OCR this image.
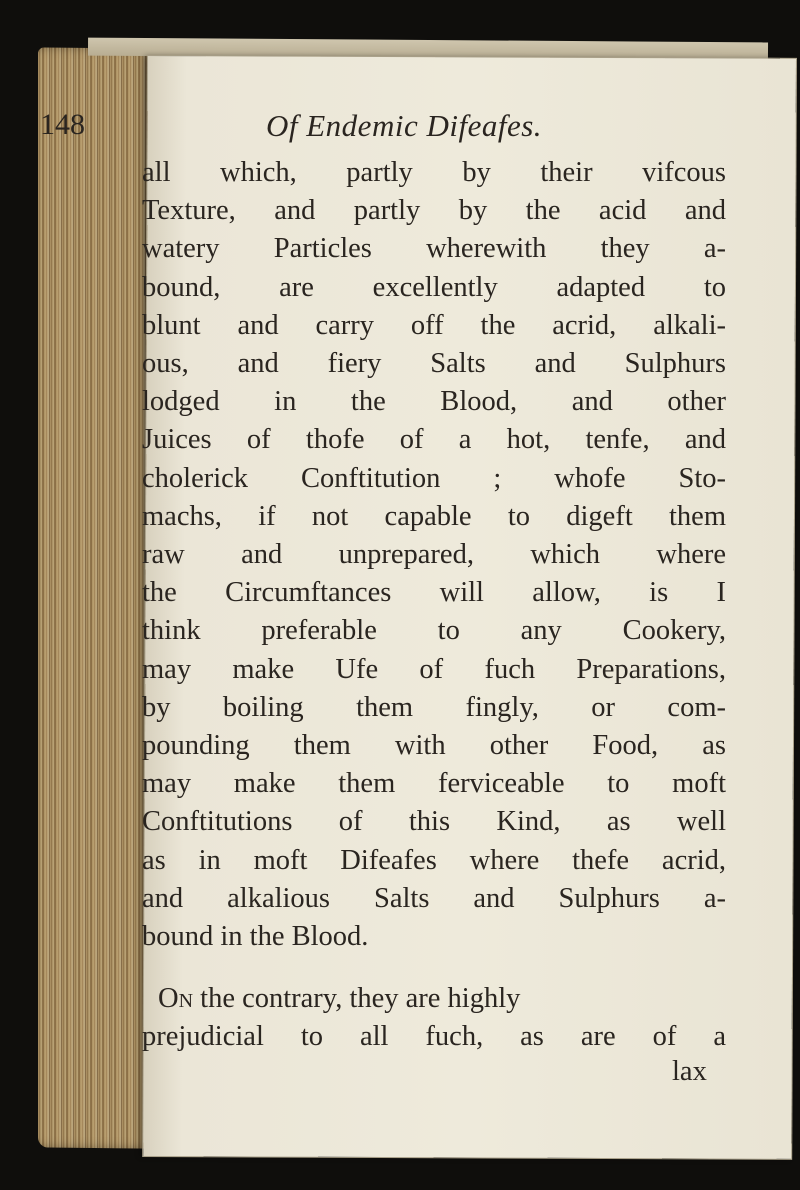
148	Of Endemic Difeafes.
all which, partly by their vifcous
Texture, and partly by the acid and
watery Particles wherewith they a-
bound, are excellently adapted to
blunt and carry off the acrid, alkali-
ous, and fiery Salts and Sulphurs
lodged in the Blood, and other
Juices of thofe of a hot, tenfe, and
cholerick Conftitution ; whofe Sto-
machs, if not capable to digeft them
raw and unprepared, which where
the Circumftances will allow, is I
think preferable to any Cookery,
may make Ufe of fuch Preparations,
by boiling them fingly, or com-
pounding them with other Food, as
may make them ferviceable to moft
Conftitutions of this Kind, as well
as in moft Difeafes where thefe acrid,
and alkalious Salts and Sulphurs a-
bound in the Blood.
On the contrary, they are highly
prejudicial to all fuch, as are of a
lax
